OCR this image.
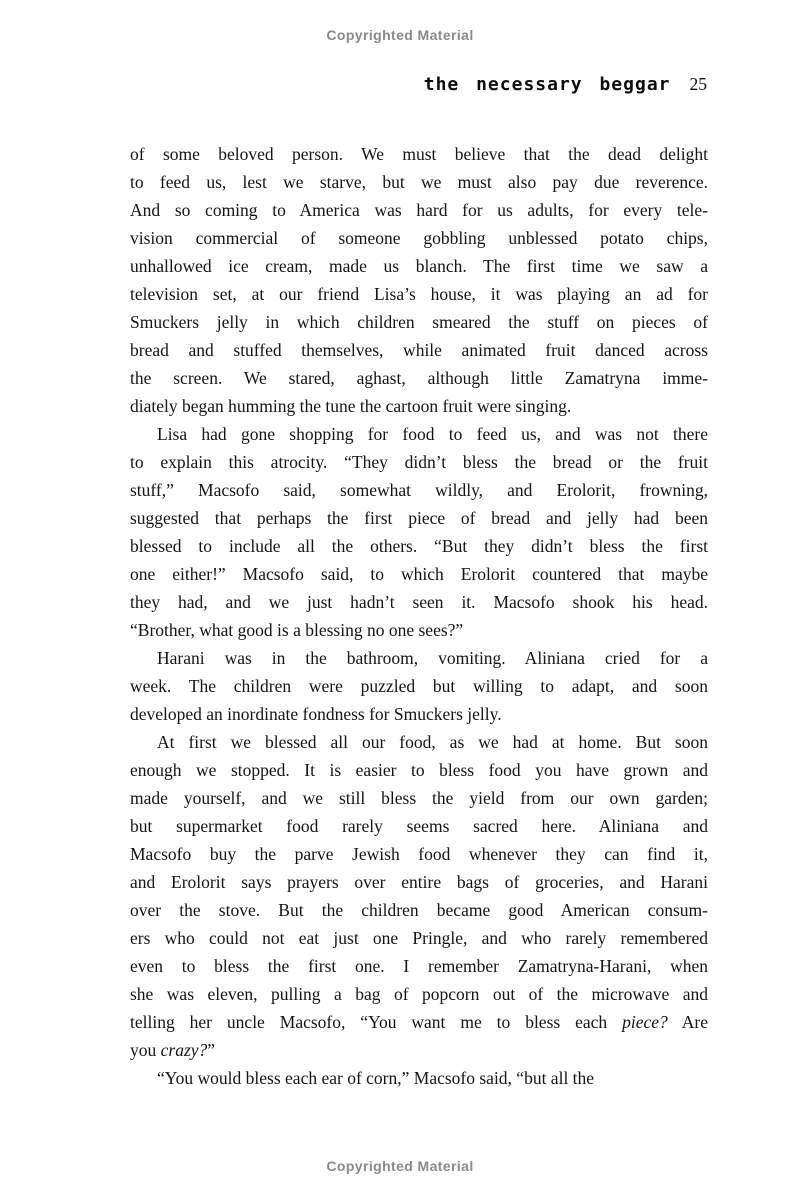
Copyrighted Material
the necessary beggar 25
of some beloved person. We must believe that the dead delight
to feed us, lest we starve, but we must also pay due reverence.
And so coming to America was hard for us adults, for every tele-
vision commercial of someone gobbling unblessed potato chips,
unhallowed ice cream, made us blanch. The first time we saw a
television set, at our friend Lisa’s house, it was playing an ad for
Smuckers jelly in which children smeared the stuff on pieces of
bread and stuffed themselves, while animated fruit danced across
the screen. We stared, aghast, although little Zamatryna imme-
diately began humming the tune the cartoon fruit were singing.
Lisa had gone shopping for food to feed us, and was not there
to explain this atrocity. “They didn’t bless the bread or the fruit
stuff,” Macsofo said, somewhat wildly, and Erolorit, frowning,
suggested that perhaps the first piece of bread and jelly had been
blessed to include all the others. “But they didn’t bless the first
one either!” Macsofo said, to which Erolorit countered that maybe
they had, and we just hadn’t seen it. Macsofo shook his head.
“Brother, what good is a blessing no one sees?”
Harani was in the bathroom, vomiting. Aliniana cried for a
week. The children were puzzled but willing to adapt, and soon
developed an inordinate fondness for Smuckers jelly.
At first we blessed all our food, as we had at home. But soon
enough we stopped. It is easier to bless food you have grown and
made yourself, and we still bless the yield from our own garden;
but supermarket food rarely seems sacred here. Aliniana and
Macsofo buy the parve Jewish food whenever they can find it,
and Erolorit says prayers over entire bags of groceries, and Harani
over the stove. But the children became good American consum-
ers who could not eat just one Pringle, and who rarely remembered
even to bless the first one. I remember Zamatryna-Harani, when
she was eleven, pulling a bag of popcorn out of the microwave and
telling her uncle Macsofo, “You want me to bless each piece? Are
you crazy?”
“You would bless each ear of corn,” Macsofo said, “but all the
Copyrighted Material
